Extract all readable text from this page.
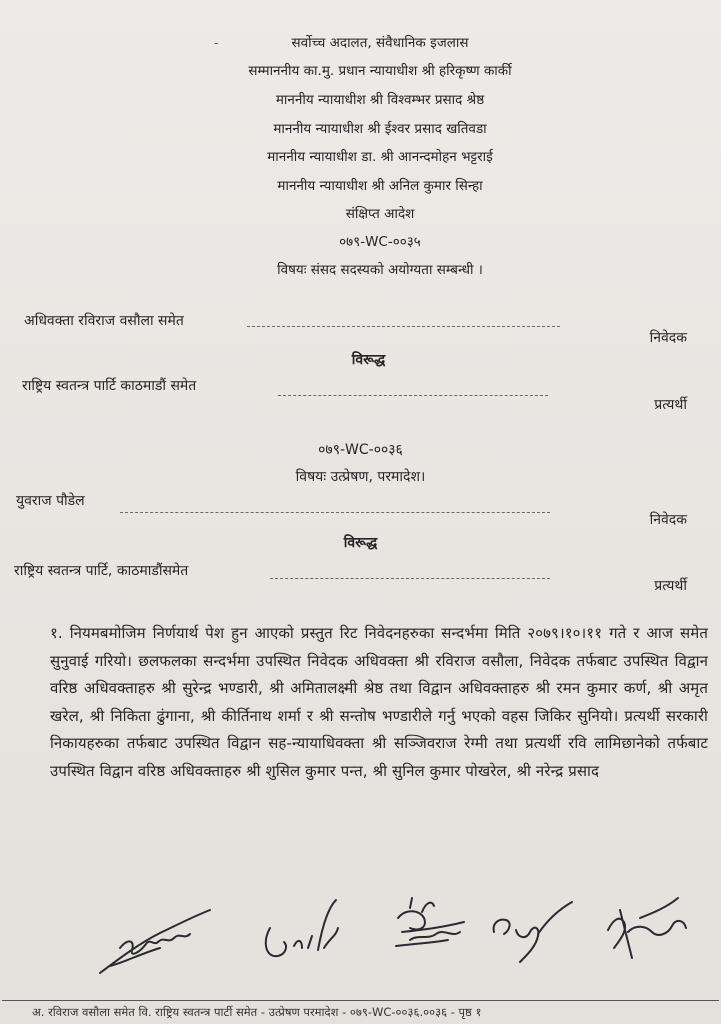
-	सर्वोच्च अदालत, संवैधानिक इजलास
सम्माननीय का.मु. प्रधान न्यायाधीश श्री हरिकृष्ण कार्की
माननीय न्यायाधीश श्री विश्वम्भर प्रसाद श्रेष्ठ
माननीय न्यायाधीश श्री ईश्वर प्रसाद खतिवडा
माननीय न्यायाधीश डा. श्री आनन्दमोहन भट्टराई
माननीय न्यायाधीश श्री अनिल कुमार सिन्हा
संक्षिप्त आदेश
०७९-WC-००३५
विषयः संसद सदस्यको अयोग्यता सम्बन्धी ।
अधिवक्ता रविराज वसौला समेत
निवेदक
विरूद्ध
राष्ट्रिय स्वतन्त्र पार्टि काठमाडौं समेत
प्रत्यर्थी
०७९-WC-००३६
विषयः उत्प्रेषण, परमादेश।
युवराज पौडेल
निवेदक
विरूद्ध
राष्ट्रिय स्वतन्त्र पार्टि, काठमाडौंसमेत
प्रत्यर्थी
१. नियमबमोजिम निर्णयार्थ पेश हुन आएको प्रस्तुत रिट निवेदनहरुका सन्दर्भमा मिति २०७९।१०।११ गते र आज समेत सुनुवाई गरियो। छलफलका सन्दर्भमा उपस्थित निवेदक अधिवक्ता श्री रविराज वसौला, निवेदक तर्फबाट उपस्थित विद्वान वरिष्ठ अधिवक्ताहरु श्री सुरेन्द्र भण्डारी, श्री अमितालक्ष्मी श्रेष्ठ तथा विद्वान अधिवक्ताहरु श्री रमन कुमार कर्ण, श्री अमृत खरेल, श्री निकिता ढुंगाना, श्री कीर्तिनाथ शर्मा र श्री सन्तोष भण्डारीले गर्नु भएको वहस जिकिर सुनियो। प्रत्यर्थी सरकारी निकायहरुका तर्फबाट उपस्थित विद्वान सह-न्यायाधिवक्ता श्री सञ्जिवराज रेग्मी तथा प्रत्यर्थी रवि लामिछानेको तर्फबाट उपस्थित विद्वान वरिष्ठ अधिवक्ताहरु श्री शुसिल कुमार पन्त, श्री सुनिल कुमार पोखरेल, श्री नरेन्द्र प्रसाद
अ. रविराज वसौला समेत वि. राष्ट्रिय स्वतन्त्र पार्टी समेत - उत्प्रेषण परमादेश - ०७९-WC-००३६.००३६ - पृष्ठ १
